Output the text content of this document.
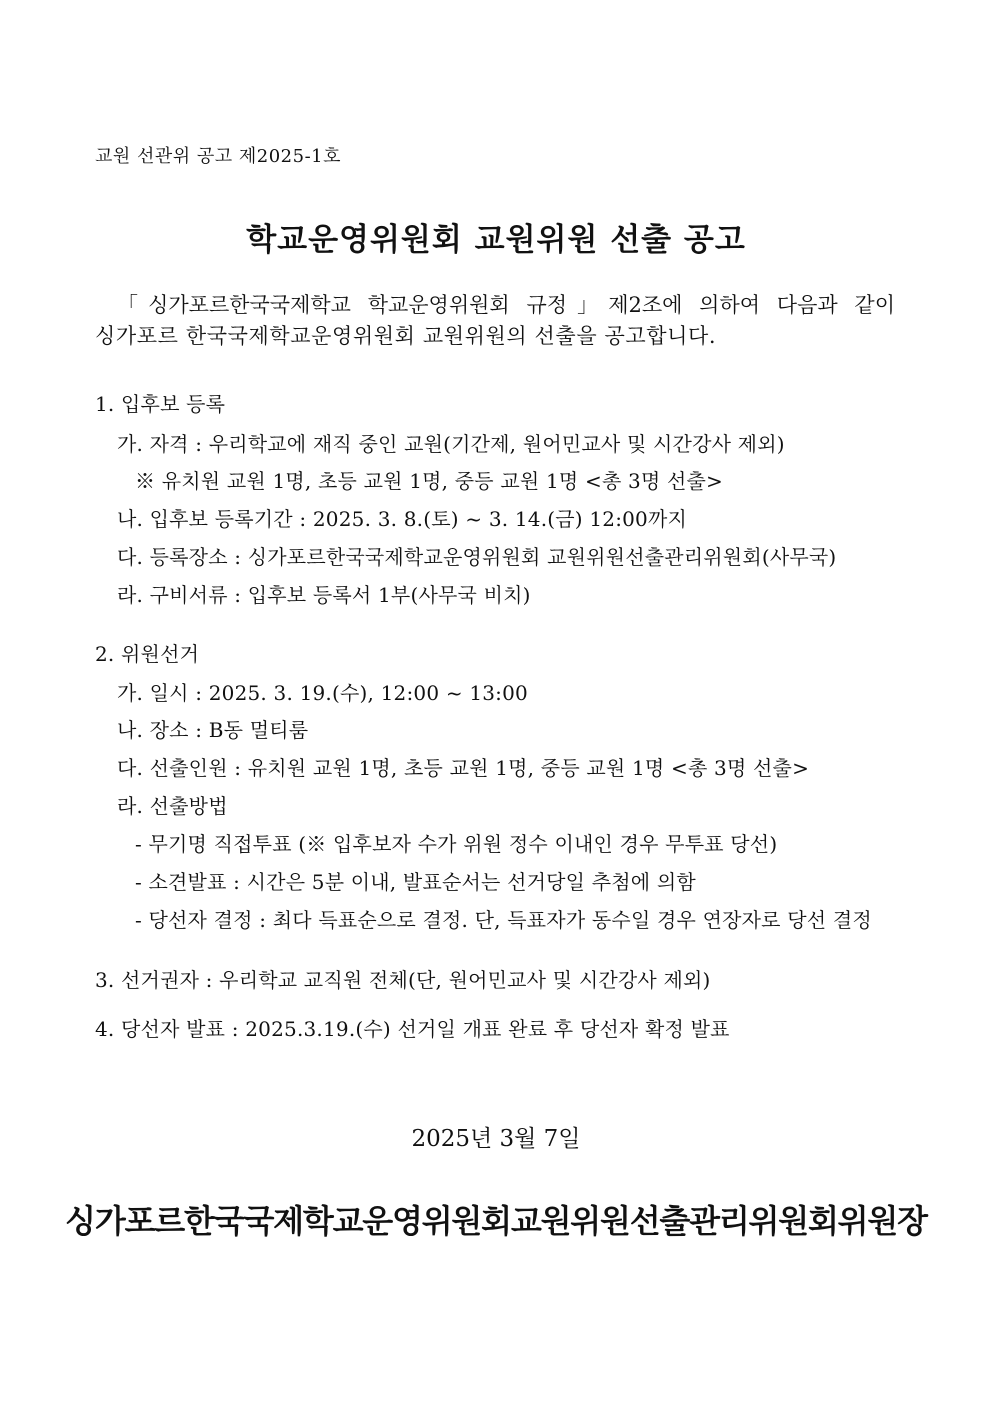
교원 선관위 공고 제2025-1호
학교운영위원회 교원위원 선출 공고
「싱가포르한국국제학교 학교운영위원회 규정」제2조에 의하여 다음과 같이
싱가포르 한국국제학교운영위원회 교원위원의 선출을 공고합니다.
1. 입후보 등록
가. 자격 : 우리학교에 재직 중인 교원(기간제, 원어민교사 및 시간강사 제외)
※ 유치원 교원 1명, 초등 교원 1명, 중등 교원 1명 <총 3명 선출>
나. 입후보 등록기간 : 2025. 3. 8.(토) ~ 3. 14.(금) 12:00까지
다. 등록장소 : 싱가포르한국국제학교운영위원회 교원위원선출관리위원회(사무국)
라. 구비서류 : 입후보 등록서 1부(사무국 비치)
2. 위원선거
가. 일시 : 2025. 3. 19.(수), 12:00 ~ 13:00
나. 장소 : B동 멀티룸
다. 선출인원 : 유치원 교원 1명, 초등 교원 1명, 중등 교원 1명 <총 3명 선출>
라. 선출방법
- 무기명 직접투표 (※ 입후보자 수가 위원 정수 이내인 경우 무투표 당선)
- 소견발표 : 시간은 5분 이내, 발표순서는 선거당일 추첨에 의함
- 당선자 결정 : 최다 득표순으로 결정. 단, 득표자가 동수일 경우 연장자로 당선 결정
3. 선거권자 : 우리학교 교직원 전체(단, 원어민교사 및 시간강사 제외)
4. 당선자 발표 : 2025.3.19.(수) 선거일 개표 완료 후 당선자 확정 발표
2025년 3월 7일
싱가포르한국국제학교운영위원회교원위원선출관리위원회위원장
